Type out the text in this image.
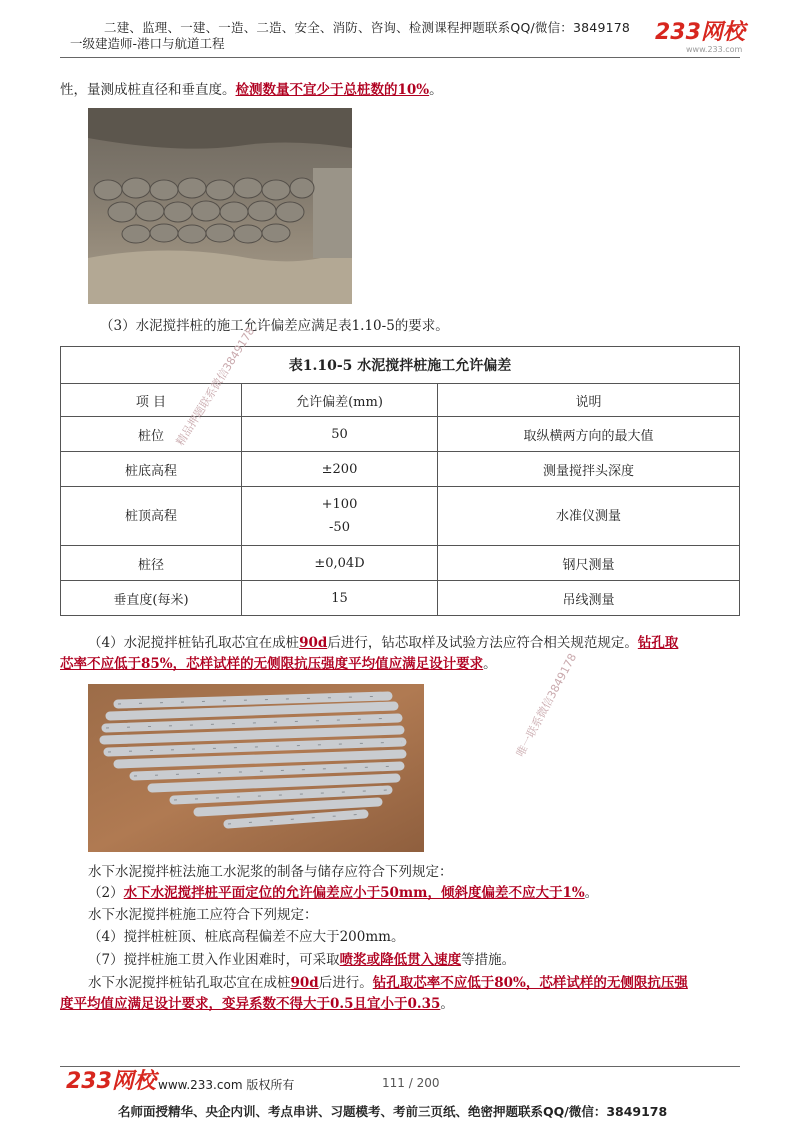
二建、监理、一建、一造、二造、安全、消防、咨询、检测课程押题联系QQ/微信：3849178
一级建造师-港口与航道工程	233网校
www.233.com
性，量测成桩直径和垂直度。检测数量不宜少于总桩数的10%。
（3）水泥搅拌桩的施工允许偏差应满足表1.10-5的要求。
表1.10-5 水泥搅拌桩施工允许偏差		
项 目	允许偏差(mm)	说明
桩位	50	取纵横两方向的最大值
桩底高程	±200	测量搅拌头深度
桩顶高程	+100
-50	水准仪测量
桩径	±0,04D	钢尺测量
垂直度(每米)	15	吊线测量
精品押题联系微信3849178
（4）水泥搅拌桩钻孔取芯宜在成桩90d后进行，钻芯取样及试验方法应符合相关规范规定。钻孔取
芯率不应低于85%，芯样试样的无侧限抗压强度平均值应满足设计要求。	唯一联系微信3849178
水下水泥搅拌桩法施工水泥浆的制备与储存应符合下列规定：
（2）水下水泥搅拌桩平面定位的允许偏差应小于50mm，倾斜度偏差不应大于1%。
水下水泥搅拌桩施工应符合下列规定：
（4）搅拌桩桩顶、桩底高程偏差不应大于200mm。
（7）搅拌桩施工贯入作业困难时，可采取喷浆或降低贯入速度等措施。
水下水泥搅拌桩钻孔取芯宜在成桩90d后进行。钻孔取芯率不应低于80%，芯样试样的无侧限抗压强
度平均值应满足设计要求，变异系数不得大于0.5且宜小于0.35。
233网校 www.233.com 版权所有	111 / 200
名师面授精华、央企内训、考点串讲、习题模考、考前三页纸、绝密押题联系QQ/微信：3849178
